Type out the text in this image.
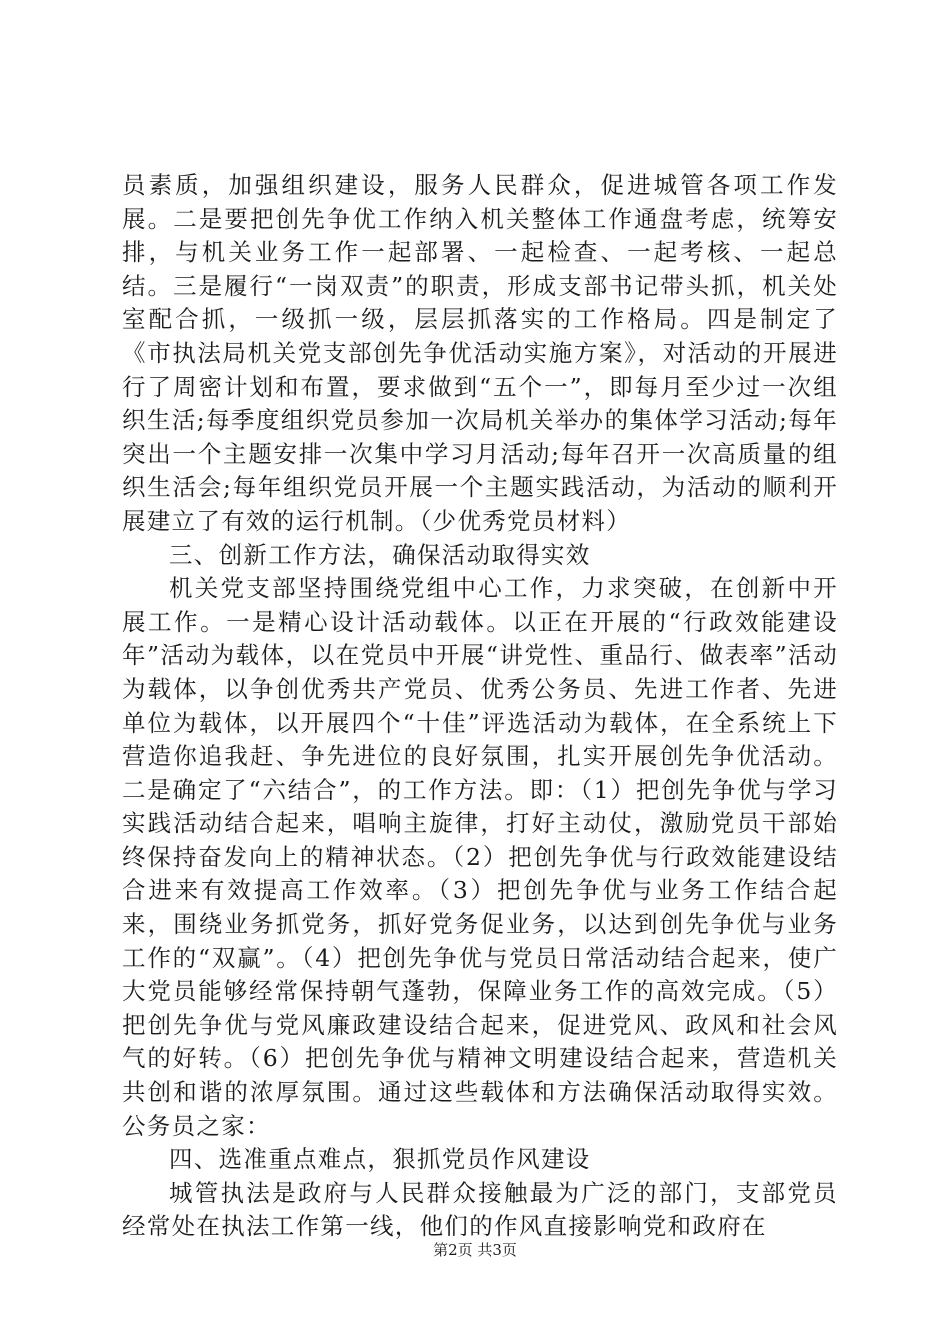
员素质，加强组织建设，服务人民群众，促进城管各项工作发展。二是要把创先争优工作纳入机关整体工作通盘考虑，统筹安排，与机关业务工作一起部署、一起检查、一起考核、一起总结。三是履行“一岗双责”的职责，形成支部书记带头抓，机关处室配合抓，一级抓一级，层层抓落实的工作格局。四是制定了《市执法局机关党支部创先争优活动实施方案》，对活动的开展进行了周密计划和布置，要求做到“五个一”，即每月至少过一次组织生活;每季度组织党员参加一次局机关举办的集体学习活动;每年突出一个主题安排一次集中学习月活动;每年召开一次高质量的组织生活会;每年组织党员开展一个主题实践活动，为活动的顺利开展建立了有效的运行机制。（少优秀党员材料）

三、创新工作方法，确保活动取得实效

机关党支部坚持围绕党组中心工作，力求突破，在创新中开展工作。一是精心设计活动载体。以正在开展的“行政效能建设年”活动为载体，以在党员中开展“讲党性、重品行、做表率”活动为载体，以争创优秀共产党员、优秀公务员、先进工作者、先进单位为载体，以开展四个“十佳”评选活动为载体，在全系统上下营造你追我赶、争先进位的良好氛围，扎实开展创先争优活动。二是确定了“六结合”，的工作方法。即：（1）把创先争优与学习实践活动结合起来，唱响主旋律，打好主动仗，激励党员干部始终保持奋发向上的精神状态。（2）把创先争优与行政效能建设结合进来有效提高工作效率。（3）把创先争优与业务工作结合起来，围绕业务抓党务，抓好党务促业务，以达到创先争优与业务工作的“双赢”。（4）把创先争优与党员日常活动结合起来，使广大党员能够经常保持朝气蓬勃，保障业务工作的高效完成。（5）把创先争优与党风廉政建设结合起来，促进党风、政风和社会风气的好转。（6）把创先争优与精神文明建设结合起来，营造机关共创和谐的浓厚氛围。通过这些载体和方法确保活动取得实效。公务员之家：

四、选准重点难点，狠抓党员作风建设

城管执法是政府与人民群众接触最为广泛的部门，支部党员经常处在执法工作第一线，他们的作风直接影响党和政府在

第2页 共3页
